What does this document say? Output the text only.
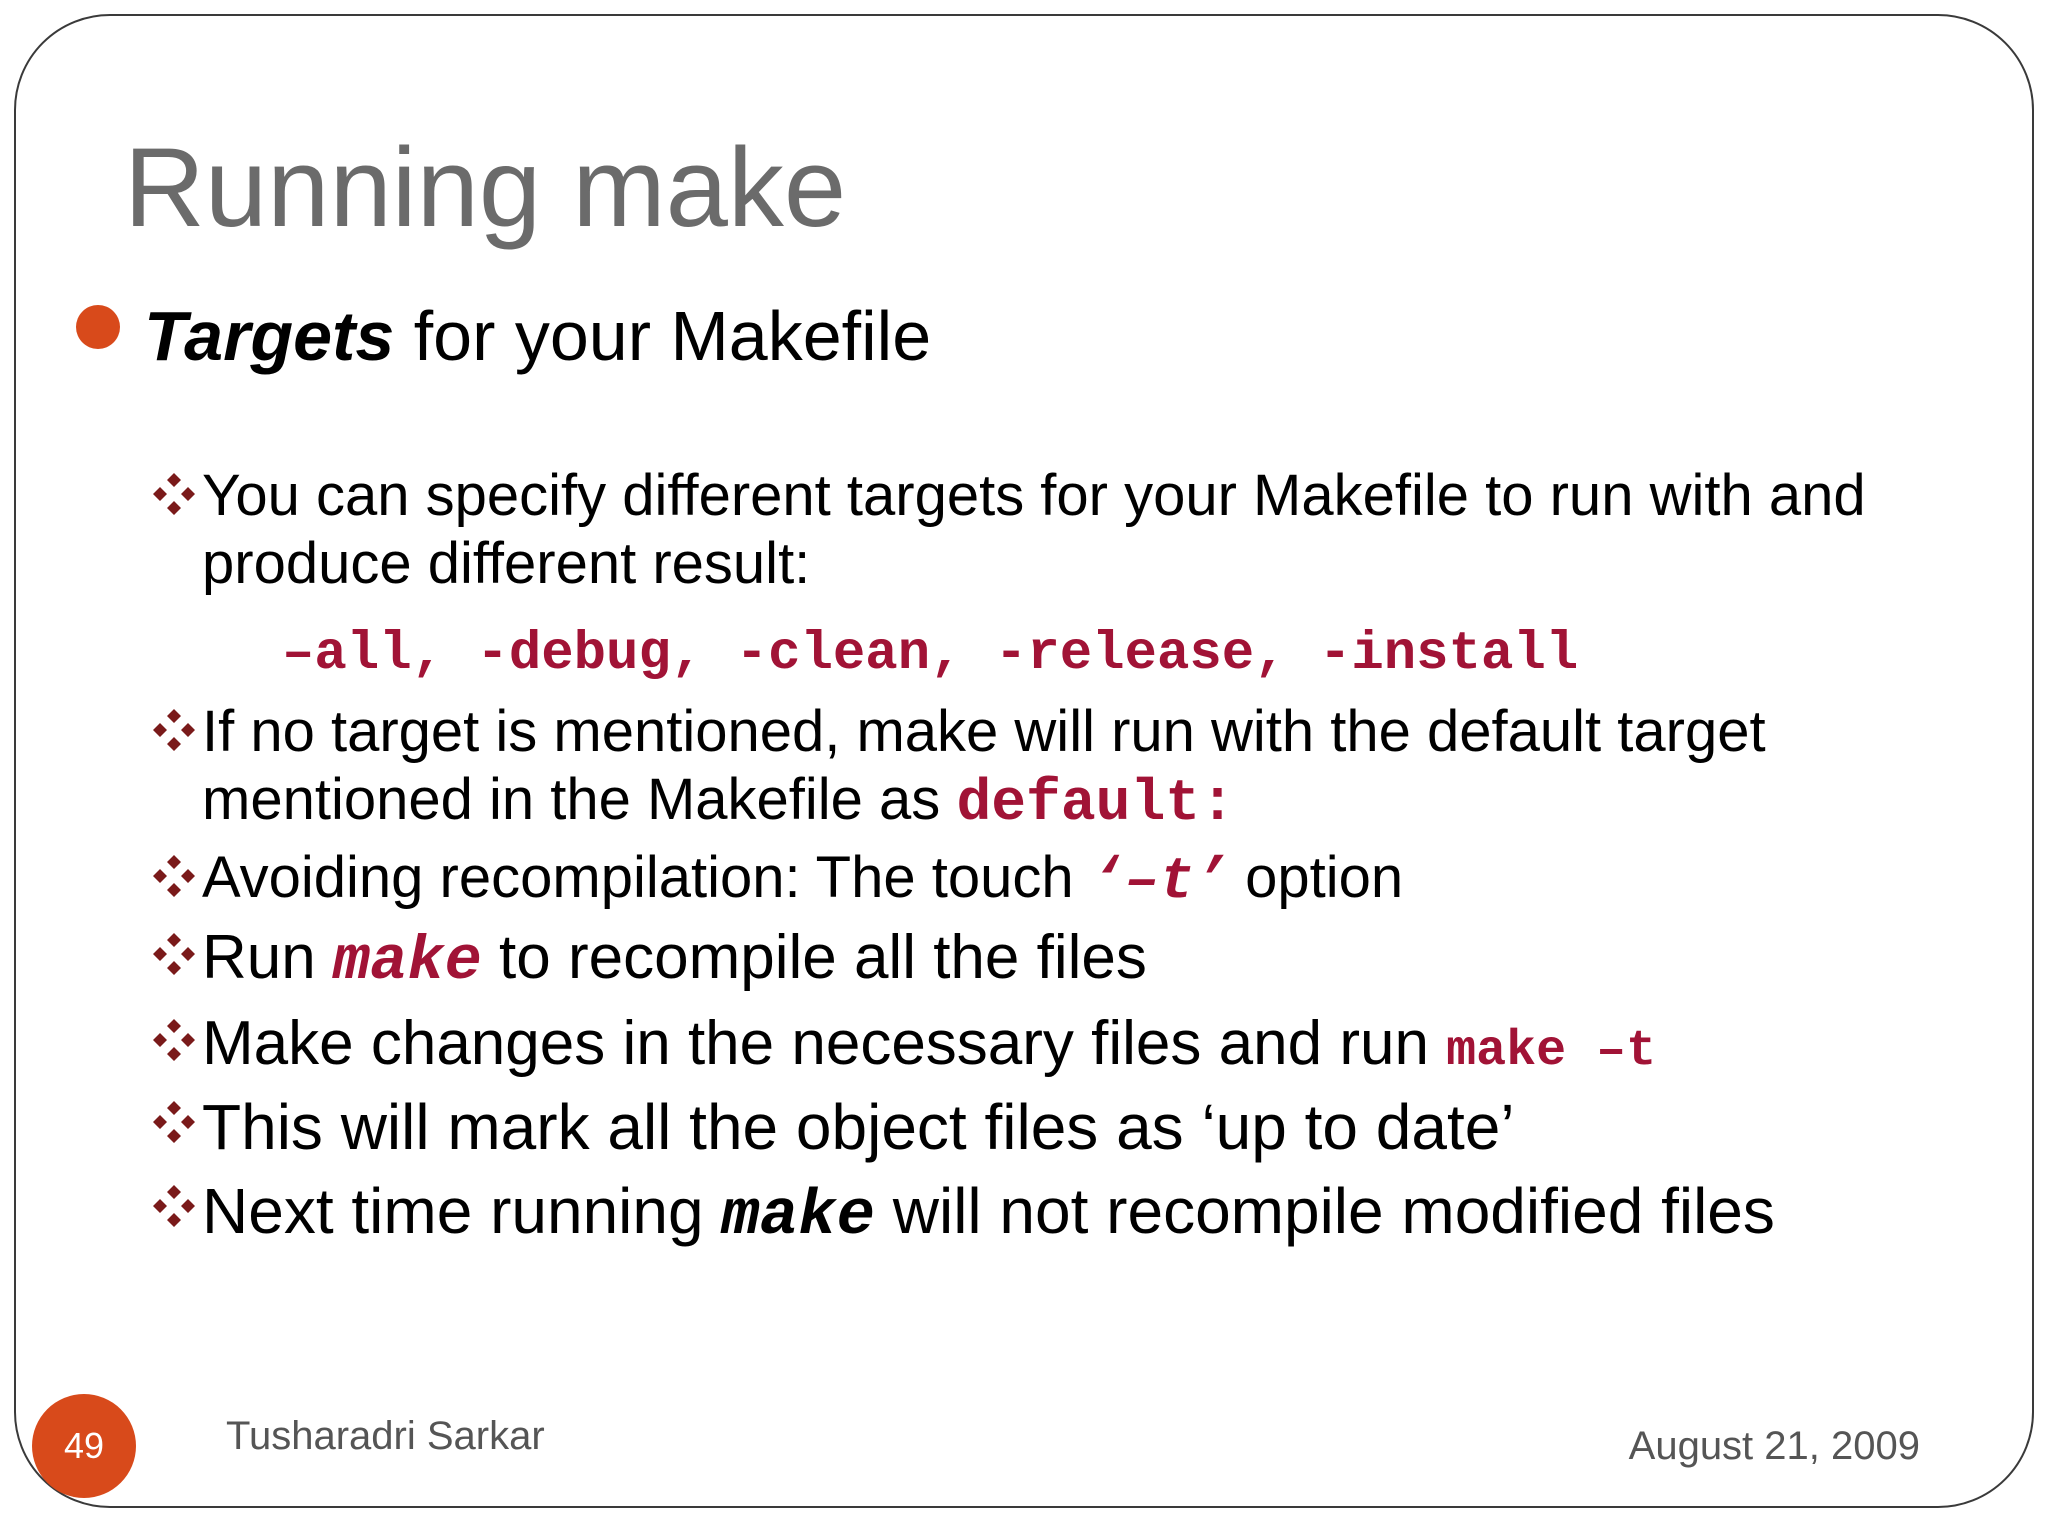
Running make
Targets for your Makefile
You can specify different targets for your Makefile to run with and produce different result:
–all, -debug, -clean, -release, -install
If no target is mentioned, make will run with the default target mentioned in the Makefile as default:
Avoiding recompilation: The touch ‘–t’ option
Run make to recompile all the files
Make changes in the necessary files and run make –t
This will mark all the object files as ‘up to date’
Next time running make will not recompile modified files
49	Tusharadri Sarkar	August 21, 2009
